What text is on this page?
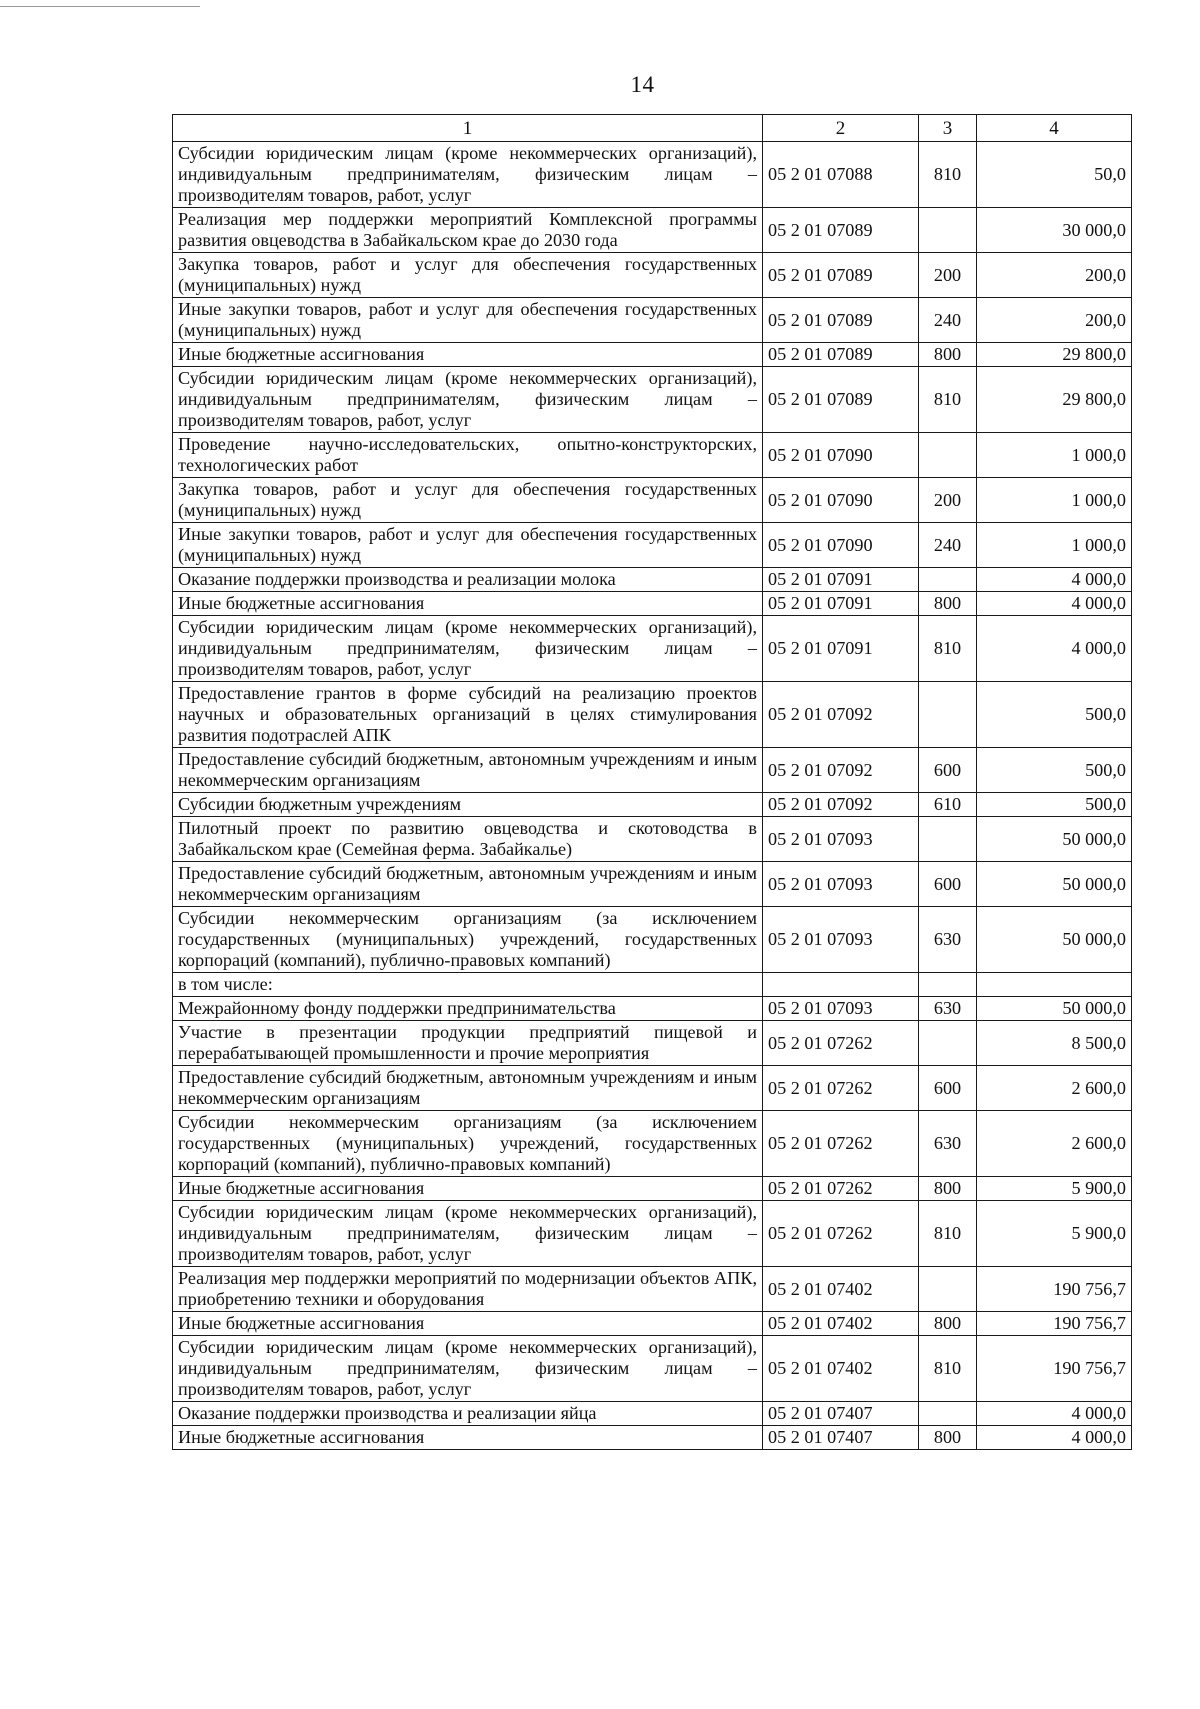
14
1	2	3	4
Субсидии юридическим лицам (кроме некоммерческих организаций), индивидуальным предпринимателям, физическим лицам – производителям товаров, работ, услуг	05 2 01 07088	810	50,0
Реализация мер поддержки мероприятий Комплексной программы развития овцеводства в Забайкальском крае до 2030 года	05 2 01 07089		30 000,0
Закупка товаров, работ и услуг для обеспечения государственных (муниципальных) нужд	05 2 01 07089	200	200,0
Иные закупки товаров, работ и услуг для обеспечения государственных (муниципальных) нужд	05 2 01 07089	240	200,0
Иные бюджетные ассигнования	05 2 01 07089	800	29 800,0
Субсидии юридическим лицам (кроме некоммерческих организаций), индивидуальным предпринимателям, физическим лицам – производителям товаров, работ, услуг	05 2 01 07089	810	29 800,0
Проведение научно-исследовательских, опытно-конструкторских, технологических работ	05 2 01 07090		1 000,0
Закупка товаров, работ и услуг для обеспечения государственных (муниципальных) нужд	05 2 01 07090	200	1 000,0
Иные закупки товаров, работ и услуг для обеспечения государственных (муниципальных) нужд	05 2 01 07090	240	1 000,0
Оказание поддержки производства и реализации молока	05 2 01 07091		4 000,0
Иные бюджетные ассигнования	05 2 01 07091	800	4 000,0
Субсидии юридическим лицам (кроме некоммерческих организаций), индивидуальным предпринимателям, физическим лицам – производителям товаров, работ, услуг	05 2 01 07091	810	4 000,0
Предоставление грантов в форме субсидий на реализацию проектов научных и образовательных организаций в целях стимулирования развития подотраслей АПК	05 2 01 07092		500,0
Предоставление субсидий бюджетным, автономным учреждениям и иным некоммерческим организациям	05 2 01 07092	600	500,0
Субсидии бюджетным учреждениям	05 2 01 07092	610	500,0
Пилотный проект по развитию овцеводства и скотоводства в Забайкальском крае (Семейная ферма. Забайкалье)	05 2 01 07093		50 000,0
Предоставление субсидий бюджетным, автономным учреждениям и иным некоммерческим организациям	05 2 01 07093	600	50 000,0
Субсидии некоммерческим организациям (за исключением государственных (муниципальных) учреждений, государственных корпораций (компаний), публично-правовых компаний)	05 2 01 07093	630	50 000,0
в том числе:			
Межрайонному фонду поддержки предпринимательства	05 2 01 07093	630	50 000,0
Участие в презентации продукции предприятий пищевой и перерабатывающей промышленности и прочие мероприятия	05 2 01 07262		8 500,0
Предоставление субсидий бюджетным, автономным учреждениям и иным некоммерческим организациям	05 2 01 07262	600	2 600,0
Субсидии некоммерческим организациям (за исключением государственных (муниципальных) учреждений, государственных корпораций (компаний), публично-правовых компаний)	05 2 01 07262	630	2 600,0
Иные бюджетные ассигнования	05 2 01 07262	800	5 900,0
Субсидии юридическим лицам (кроме некоммерческих организаций), индивидуальным предпринимателям, физическим лицам – производителям товаров, работ, услуг	05 2 01 07262	810	5 900,0
Реализация мер поддержки мероприятий по модернизации объектов АПК, приобретению техники и оборудования	05 2 01 07402		190 756,7
Иные бюджетные ассигнования	05 2 01 07402	800	190 756,7
Субсидии юридическим лицам (кроме некоммерческих организаций), индивидуальным предпринимателям, физическим лицам – производителям товаров, работ, услуг	05 2 01 07402	810	190 756,7
Оказание поддержки производства и реализации яйца	05 2 01 07407		4 000,0
Иные бюджетные ассигнования	05 2 01 07407	800	4 000,0
